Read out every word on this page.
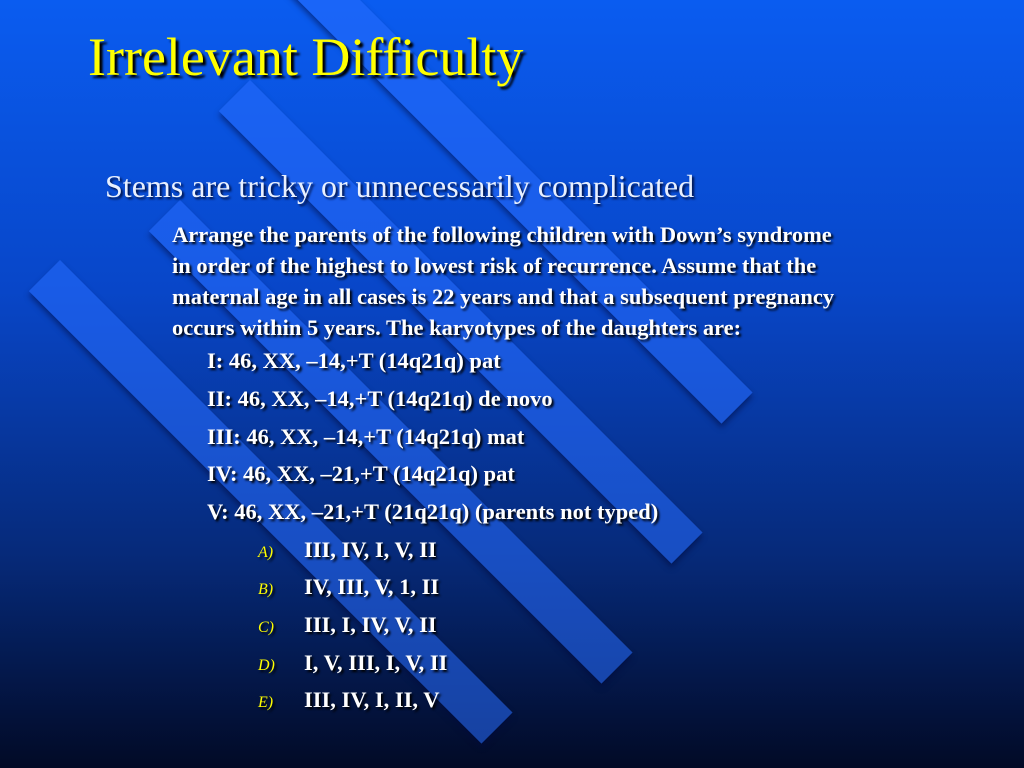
Irrelevant Difficulty
Stems are tricky or unnecessarily complicated
Arrange the parents of the following children with Down’s syndrome
in order of the highest to lowest risk of recurrence. Assume that the
maternal age in all cases is 22 years and that a subsequent pregnancy
occurs within 5 years. The karyotypes of the daughters are:
I: 46, XX, –14,+T (14q21q) pat
II: 46, XX, –14,+T (14q21q) de novo
III: 46, XX, –14,+T (14q21q) mat
IV: 46, XX, –21,+T (14q21q) pat
V: 46, XX, –21,+T (21q21q) (parents not typed)
A) III, IV, I, V, II
B) IV, III, V, 1, II
C) III, I, IV, V, II
D) I, V, III, I, V, II
E) III, IV, I, II, V
